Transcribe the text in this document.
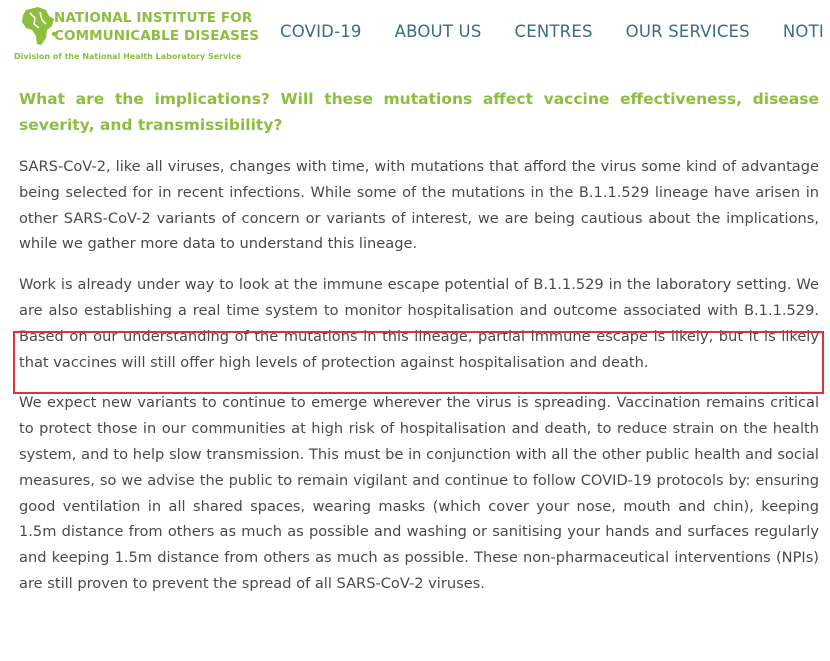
NATIONAL INSTITUTE FOR
COMMUNICABLE DISEASES
Division of the National Health Laboratory Service
COVID-19 ABOUT US CENTRES OUR SERVICES NOTI
What are the implications? Will these mutations affect vaccine effectiveness, disease severity, and transmissibility?

SARS-CoV-2, like all viruses, changes with time, with mutations that afford the virus some kind of advantage being selected for in recent infections. While some of the mutations in the B.1.1.529 lineage have arisen in other SARS-CoV-2 variants of concern or variants of interest, we are being cautious about the implications, while we gather more data to understand this lineage.

Work is already under way to look at the immune escape potential of B.1.1.529 in the laboratory setting. We are also establishing a real time system to monitor hospitalisation and outcome associated with B.1.1.529. Based on our understanding of the mutations in this lineage, partial immune escape is likely, but it is likely that vaccines will still offer high levels of protection against hospitalisation and death.

We expect new variants to continue to emerge wherever the virus is spreading. Vaccination remains critical to protect those in our communities at high risk of hospitalisation and death, to reduce strain on the health system, and to help slow transmission. This must be in conjunction with all the other public health and social measures, so we advise the public to remain vigilant and continue to follow COVID-19 protocols by: ensuring good ventilation in all shared spaces, wearing masks (which cover your nose, mouth and chin), keeping 1.5m distance from others as much as possible and washing or sanitising your hands and surfaces regularly and keeping 1.5m distance from others as much as possible. These non-pharmaceutical interventions (NPIs) are still proven to prevent the spread of all SARS-CoV-2 viruses.
